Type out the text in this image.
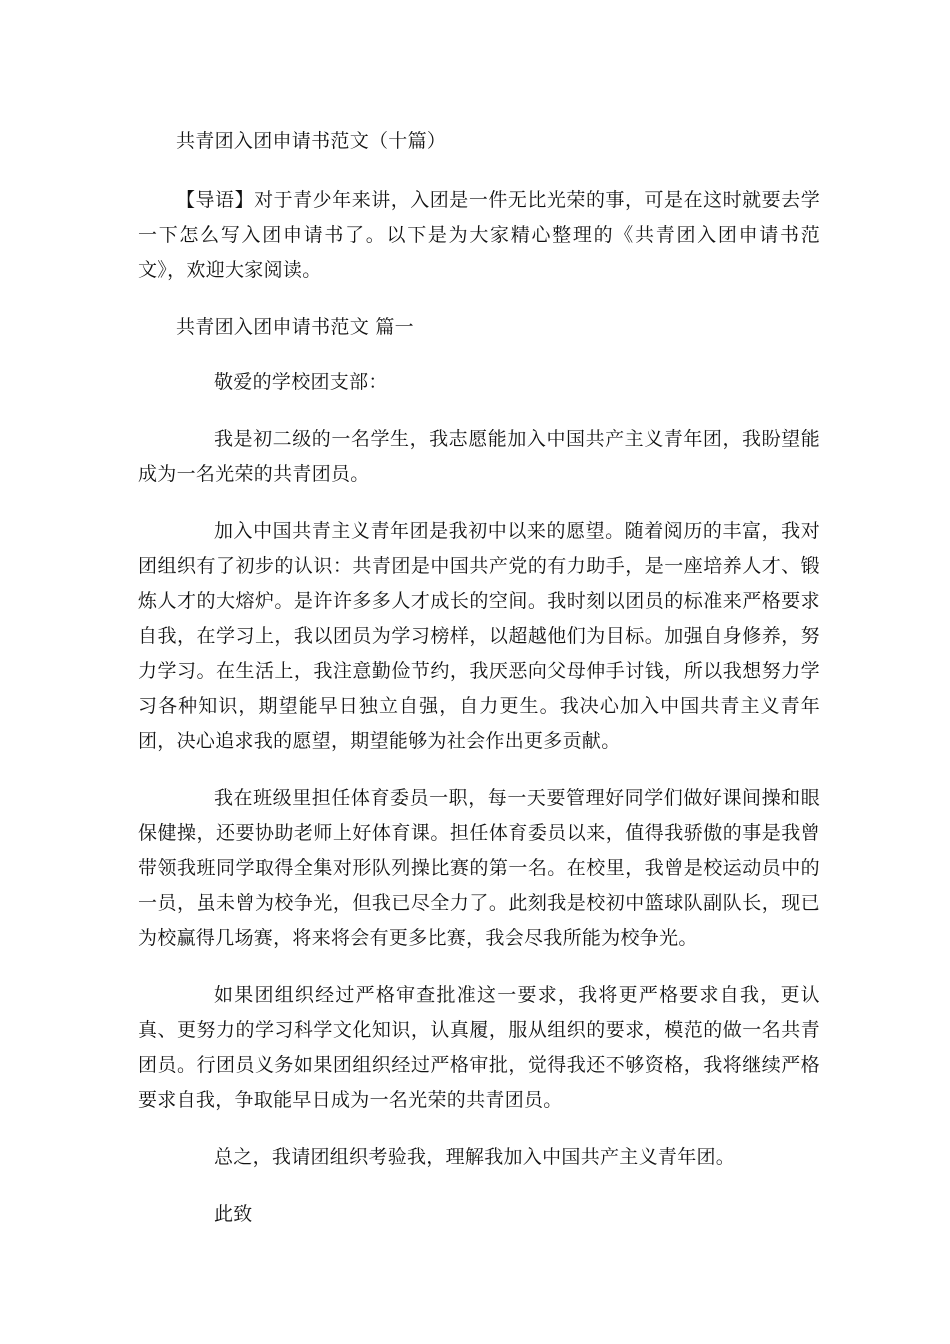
共青团入团申请书范文（十篇）

【导语】对于青少年来讲，入团是一件无比光荣的事，可是在这时就要去学一下怎么写入团申请书了。以下是为大家精心整理的《共青团入团申请书范文》，欢迎大家阅读。

共青团入团申请书范文 篇一

敬爱的学校团支部：

我是初二级的一名学生，我志愿能加入中国共产主义青年团，我盼望能成为一名光荣的共青团员。

加入中国共青主义青年团是我初中以来的愿望。随着阅历的丰富，我对团组织有了初步的认识：共青团是中国共产党的有力助手，是一座培养人才、锻炼人才的大熔炉。是许许多多人才成长的空间。我时刻以团员的标准来严格要求自我，在学习上，我以团员为学习榜样，以超越他们为目标。加强自身修养，努力学习。在生活上，我注意勤俭节约，我厌恶向父母伸手讨钱，所以我想努力学习各种知识，期望能早日独立自强，自力更生。我决心加入中国共青主义青年团，决心追求我的愿望，期望能够为社会作出更多贡献。

我在班级里担任体育委员一职，每一天要管理好同学们做好课间操和眼保健操，还要协助老师上好体育课。担任体育委员以来，值得我骄傲的事是我曾带领我班同学取得全集对形队列操比赛的第一名。在校里，我曾是校运动员中的一员，虽未曾为校争光，但我已尽全力了。此刻我是校初中篮球队副队长，现已为校赢得几场赛，将来将会有更多比赛，我会尽我所能为校争光。

如果团组织经过严格审查批准这一要求，我将更严格要求自我，更认真、更努力的学习科学文化知识，认真履，服从组织的要求，模范的做一名共青团员。行团员义务如果团组织经过严格审批，觉得我还不够资格，我将继续严格要求自我，争取能早日成为一名光荣的共青团员。

总之，我请团组织考验我，理解我加入中国共产主义青年团。

此致
